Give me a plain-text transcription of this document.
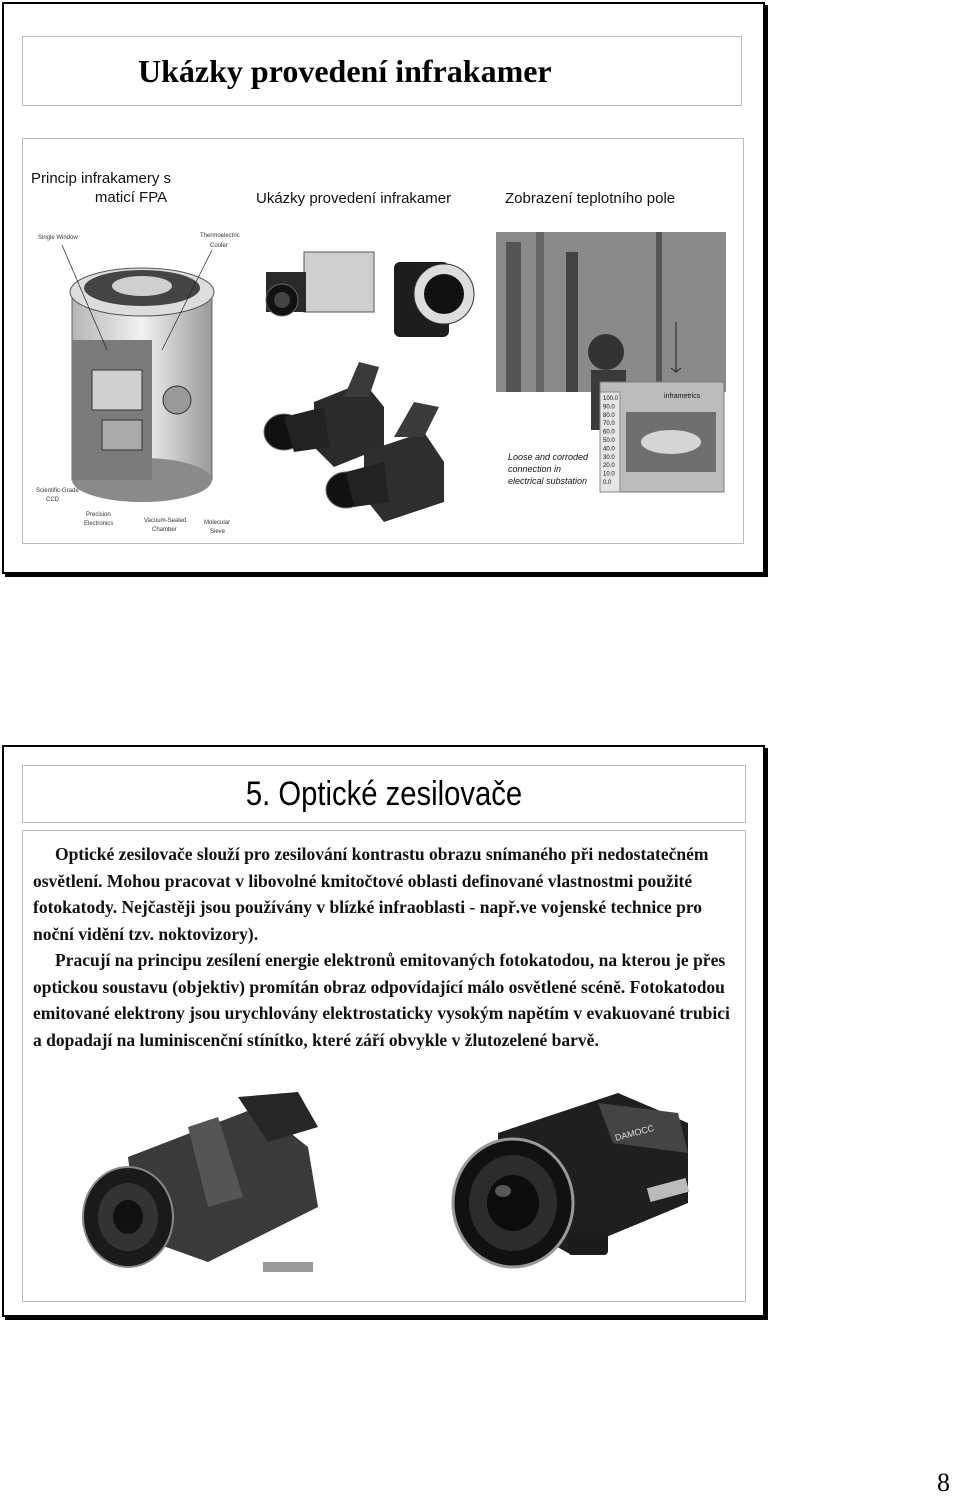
Ukázky provedení infrakamer
Princip infrakamery s
maticí FPA	Ukázky provedení infrakamer	Zobrazení teplotního pole
Single Window	Thermoelectric
Cooler
Scientific-Grade
CCD
Precision
Electronics	Vacuum-Sealed
Chamber
Molecular
Sieve
inframetrics
100.0
90.0
80.0
70.0
60.0
50.0
40.0
30.0
20.0
10.0
0.0
Loose and corroded
connection in
electrical substation
5. Optické zesilovače

Optické zesilovače slouží pro zesilování kontrastu obrazu snímaného při nedostatečném osvětlení. Mohou pracovat v libovolné kmitočtové oblasti definované vlastnostmi použité fotokatody. Nejčastěji jsou používány v blízké infraoblasti - např.ve vojenské technice pro noční vidění tzv. noktovizory).

Pracují na principu zesílení energie elektronů emitovaných fotokatodou, na kterou je přes optickou soustavu (objektiv) promítán obraz odpovídající málo osvětlené scéně. Fotokatodou emitované elektrony jsou urychlovány elektrostaticky vysokým napětím v evakuované trubici a dopadají na luminiscenční stínítko, které září obvykle v žlutozelené barvě.

DAMOCC
8
